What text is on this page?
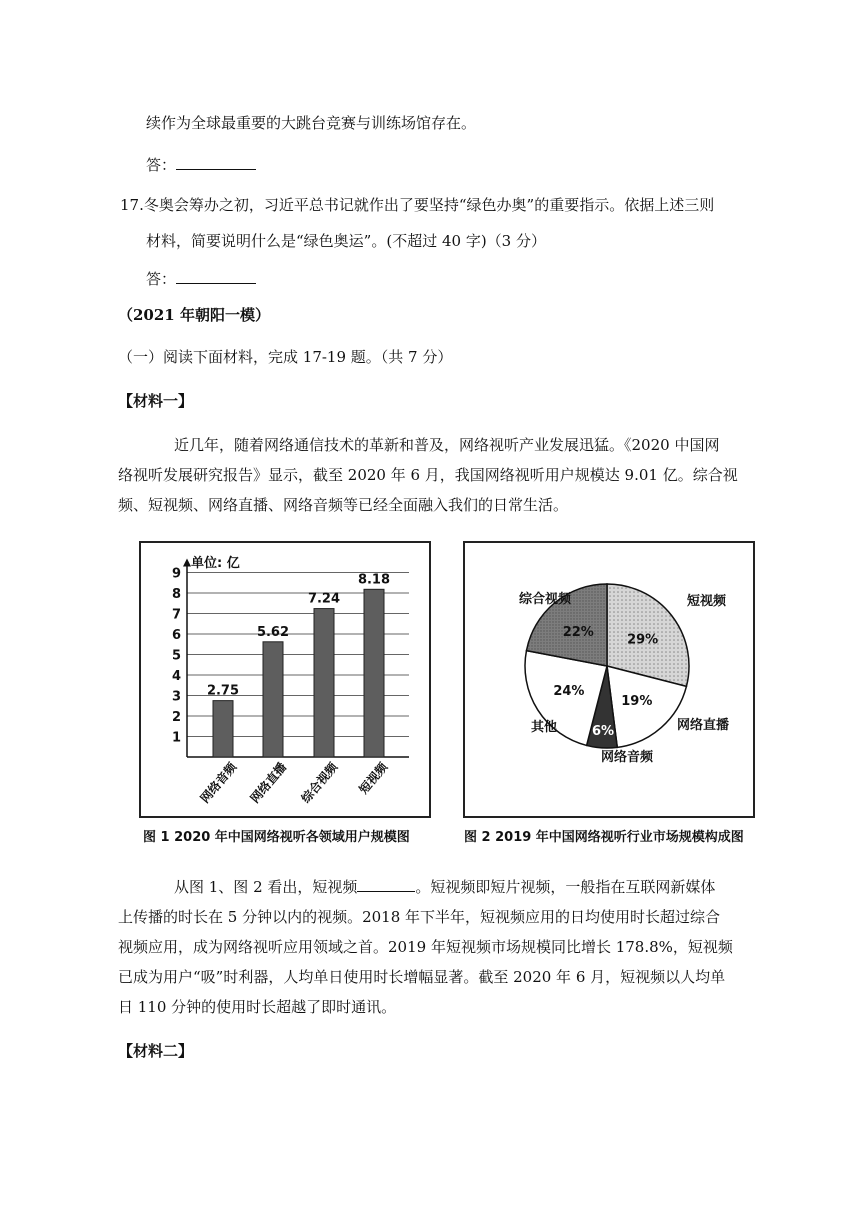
续作为全球最重要的大跳台竞赛与训练场馆存在。
答：
17.冬奥会筹办之初，习近平总书记就作出了要坚持“绿色办奥”的重要指示。依据上述三则
材料，简要说明什么是“绿色奥运”。(不超过 40 字)（3 分）
答：
（2021 年朝阳一模）
（一）阅读下面材料，完成 17-19 题。（共 7 分）
【材料一】
近几年，随着网络通信技术的革新和普及，网络视听产业发展迅猛。《2020 中国网
络视听发展研究报告》显示，截至 2020 年 6 月，我国网络视听用户规模达 9.01 亿。综合视
频、短视频、网络直播、网络音频等已经全面融入我们的日常生活。
单位: 亿
1
2
3
4
5
6
7
8
9
2.75
网络音频
5.62
网络直播
7.24
综合视频
8.18
短视频
图 1 2020 年中国网络视听各领域用户规模图
29%
短视频
19%
网络直播
6%
网络音频
24%
其他
22%
综合视频
图 2 2019 年中国网络视听行业市场规模构成图
从图 1、图 2 看出，短视频	。短视频即短片视频，一般指在互联网新媒体
上传播的时长在 5 分钟以内的视频。2018 年下半年，短视频应用的日均使用时长超过综合
视频应用，成为网络视听应用领域之首。2019 年短视频市场规模同比增长 178.8%，短视频
已成为用户“吸”时利器，人均单日使用时长增幅显著。截至 2020 年 6 月，短视频以人均单
日 110 分钟的使用时长超越了即时通讯。
【材料二】
